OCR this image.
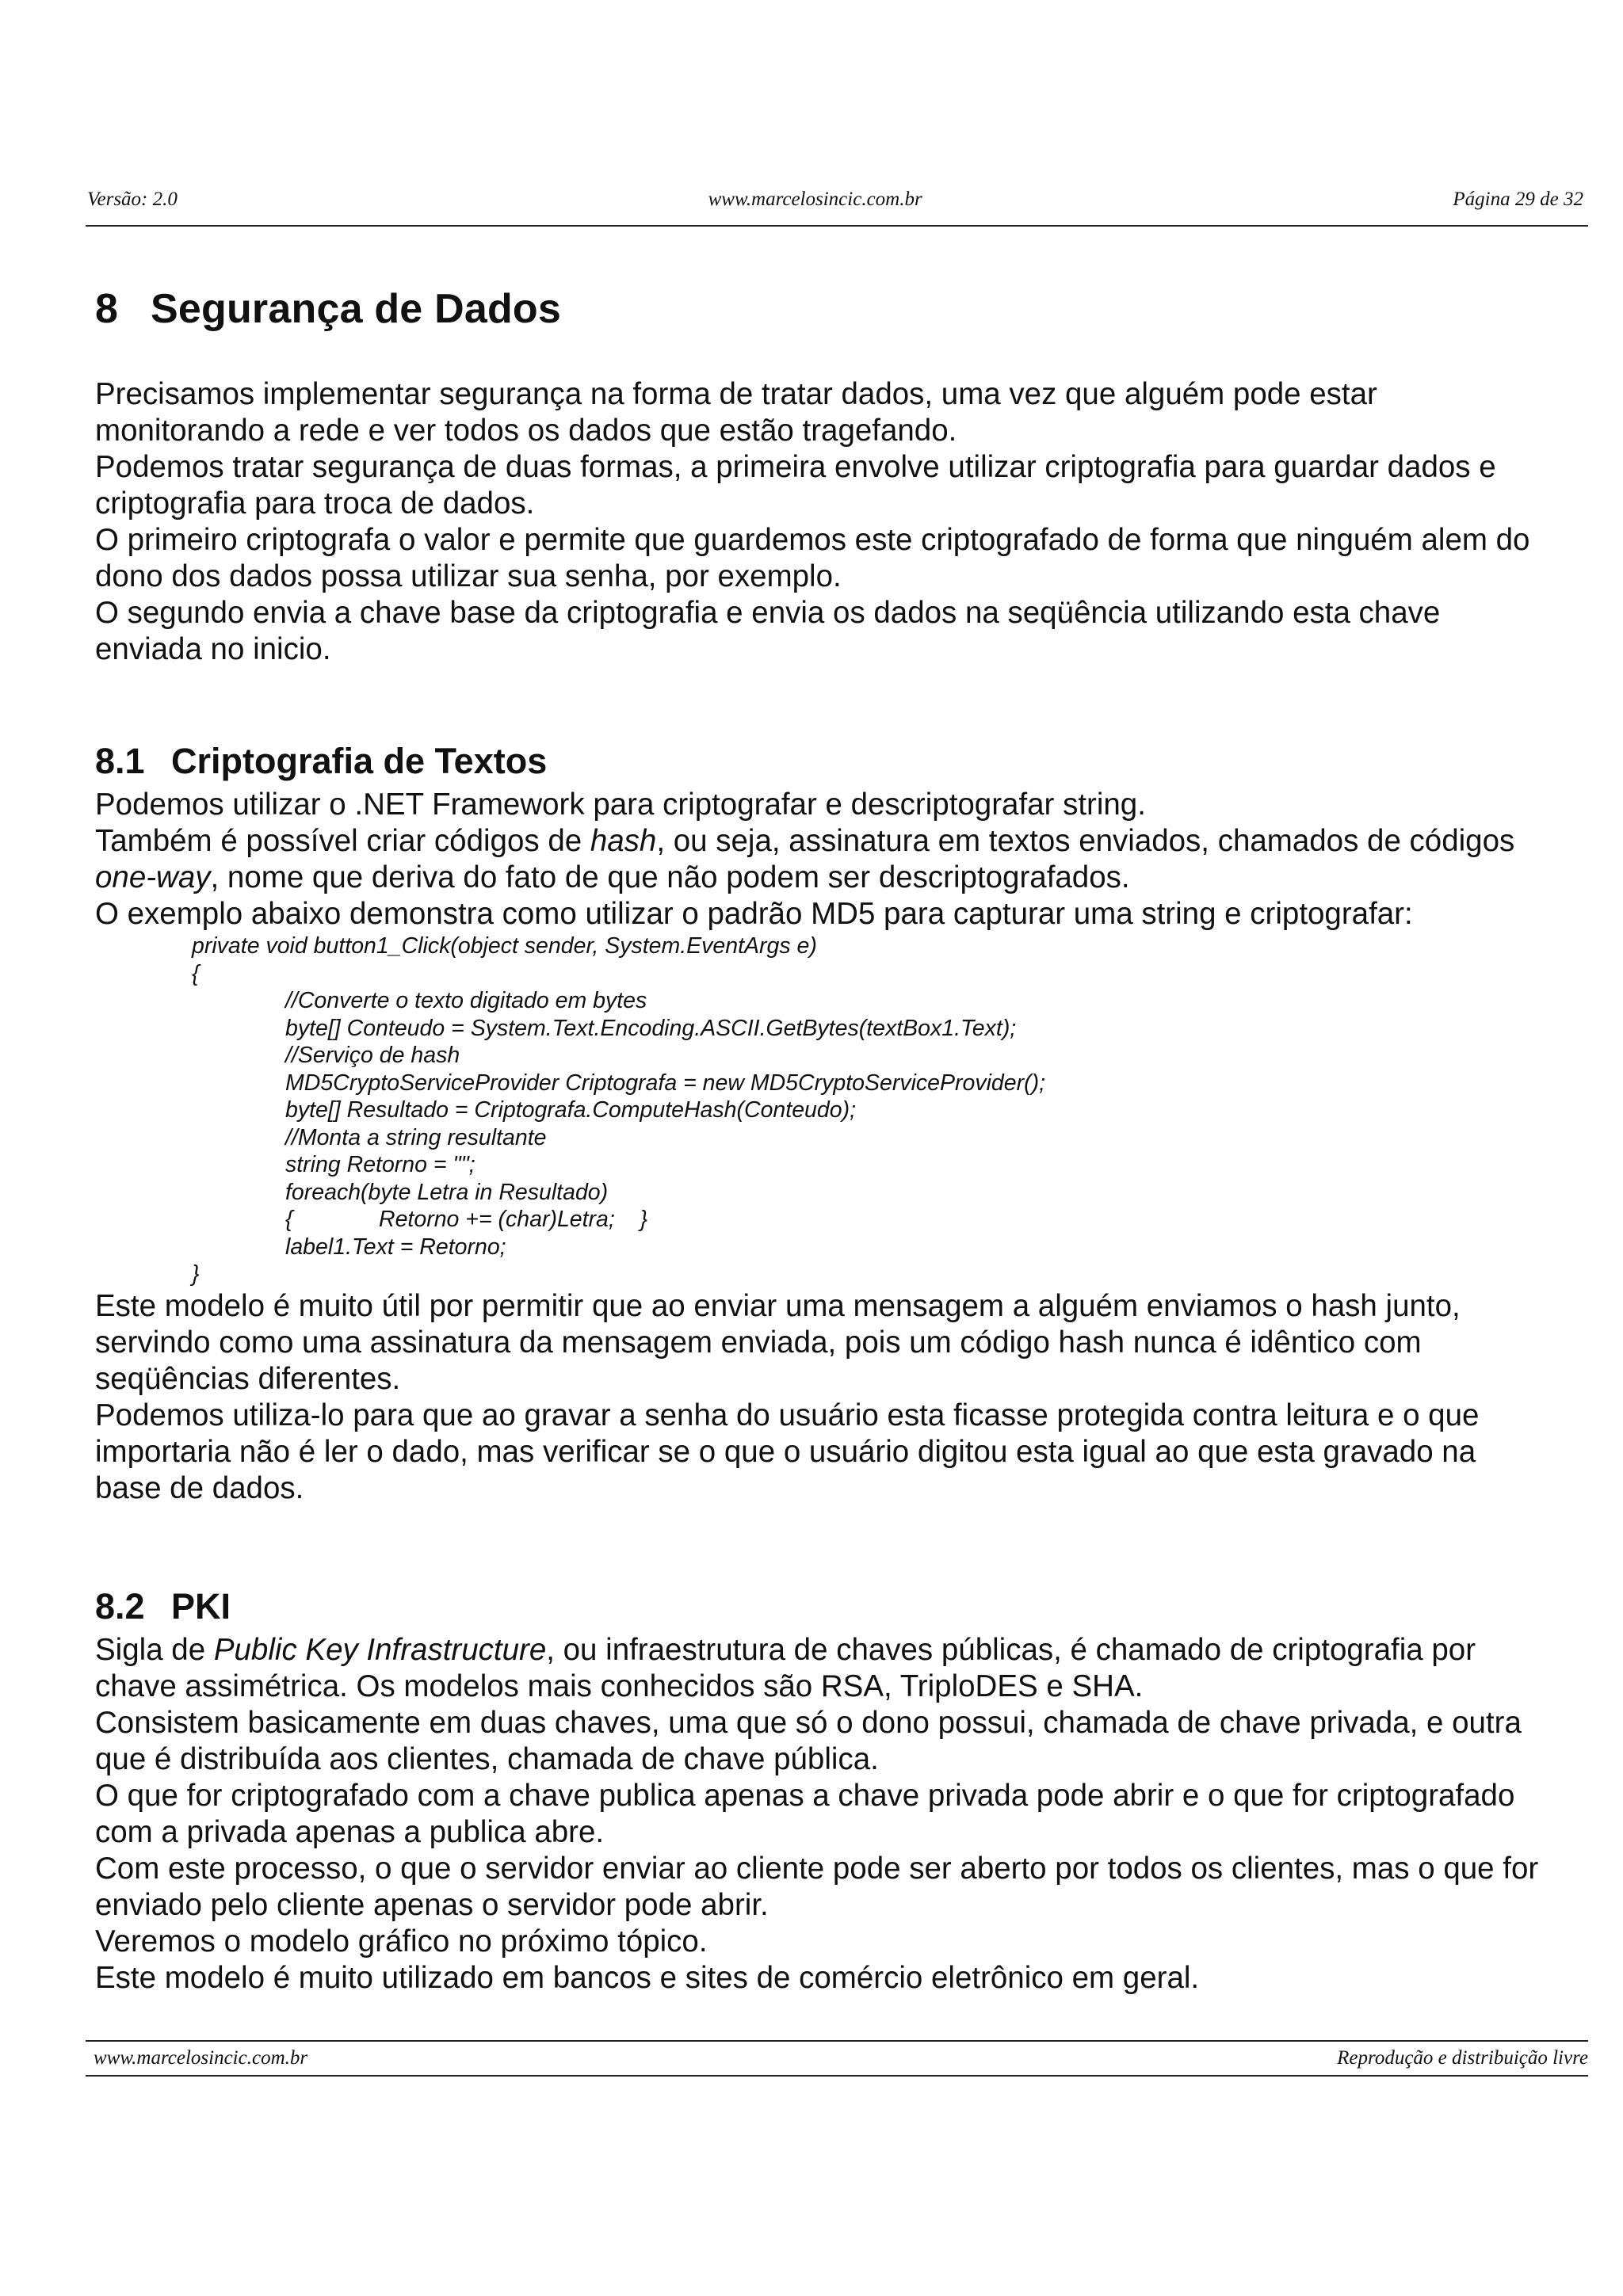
Versão: 2.0	www.marcelosincic.com.br	Página 29 de 32
8 Segurança de Dados

Precisamos implementar segurança na forma de tratar dados, uma vez que alguém pode estar monitorando a rede e ver todos os dados que estão tragefando.

Podemos tratar segurança de duas formas, a primeira envolve utilizar criptografia para guardar dados e criptografia para troca de dados.

O primeiro criptografa o valor e permite que guardemos este criptografado de forma que ninguém alem do dono dos dados possa utilizar sua senha, por exemplo.

O segundo envia a chave base da criptografia e envia os dados na seqüência utilizando esta chave enviada no inicio.

8.1 Criptografia de Textos

Podemos utilizar o .NET Framework para criptografar e descriptografar string.

Também é possível criar códigos de hash, ou seja, assinatura em textos enviados, chamados de códigos one-way, nome que deriva do fato de que não podem ser descriptografados.

O exemplo abaixo demonstra como utilizar o padrão MD5 para capturar uma string e criptografar:

private void button1_Click(object sender, System.EventArgs e)
{
//Converte o texto digitado em bytes
byte[] Conteudo = System.Text.Encoding.ASCII.GetBytes(textBox1.Text);
//Serviço de hash
MD5CryptoServiceProvider Criptografa = new MD5CryptoServiceProvider();
byte[] Resultado = Criptografa.ComputeHash(Conteudo);
//Monta a string resultante
string Retorno = "";
foreach(byte Letra in Resultado)
{	Retorno += (char)Letra;    }
label1.Text = Retorno;
}

Este modelo é muito útil por permitir que ao enviar uma mensagem a alguém enviamos o hash junto, servindo como uma assinatura da mensagem enviada, pois um código hash nunca é idêntico com seqüências diferentes.

Podemos utiliza-lo para que ao gravar a senha do usuário esta ficasse protegida contra leitura e o que importaria não é ler o dado, mas verificar se o que o usuário digitou esta igual ao que esta gravado na base de dados.

8.2 PKI

Sigla de Public Key Infrastructure, ou infraestrutura de chaves públicas, é chamado de criptografia por chave assimétrica. Os modelos mais conhecidos são RSA, TriploDES e SHA.

Consistem basicamente em duas chaves, uma que só o dono possui, chamada de chave privada, e outra que é distribuída aos clientes, chamada de chave pública.

O que for criptografado com a chave publica apenas a chave privada pode abrir e o que for criptografado com a privada apenas a publica abre.

Com este processo, o que o servidor enviar ao cliente pode ser aberto por todos os clientes, mas o que for enviado pelo cliente apenas o servidor pode abrir.

Veremos o modelo gráfico no próximo tópico.

Este modelo é muito utilizado em bancos e sites de comércio eletrônico em geral.

www.marcelosincic.com.br	Reprodução e distribuição livre
